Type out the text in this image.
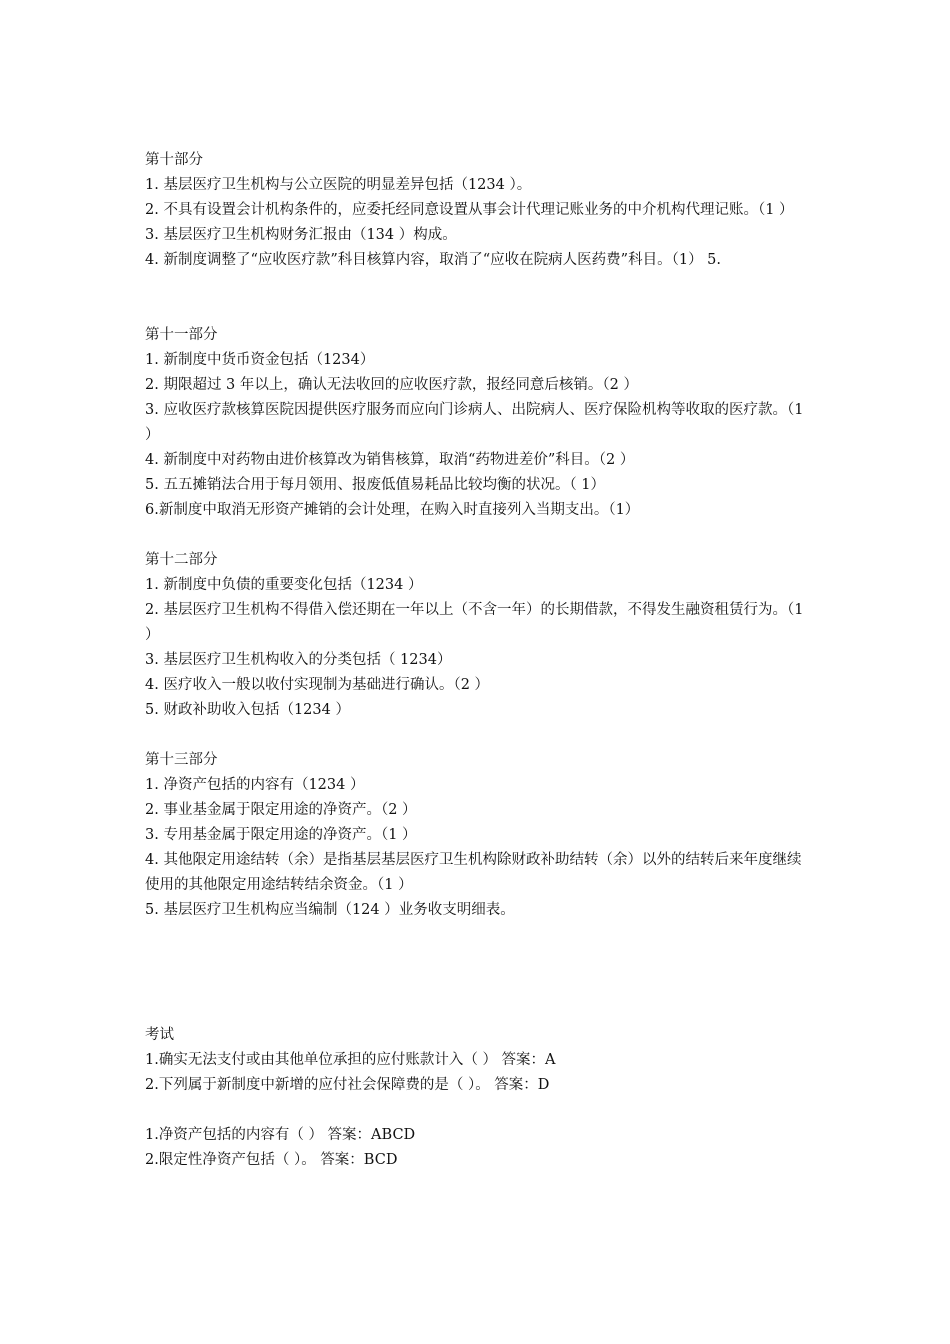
第十部分

1. 基层医疗卫生机构与公立医院的明显差异包括（1234 ）。

2. 不具有设置会计机构条件的，应委托经同意设置从事会计代理记账业务的中介机构代理记账。（1 ）

3. 基层医疗卫生机构财务汇报由（134 ）构成。

4. 新制度调整了“应收医疗款”科目核算内容，取消了“应收在院病人医药费”科目。（1） 5.

第十一部分

1. 新制度中货币资金包括（1234）

2. 期限超过 3 年以上，确认无法收回的应收医疗款，报经同意后核销。（2 ）

3. 应收医疗款核算医院因提供医疗服务而应向门诊病人、出院病人、医疗保险机构等收取的医疗款。（1 ）

4. 新制度中对药物由进价核算改为销售核算，取消“药物进差价”科目。（2 ）

5. 五五摊销法合用于每月领用、报废低值易耗品比较均衡的状况。（ 1）

6.新制度中取消无形资产摊销的会计处理，在购入时直接列入当期支出。（1）

第十二部分

1. 新制度中负债的重要变化包括（1234 ）

2. 基层医疗卫生机构不得借入偿还期在一年以上（不含一年）的长期借款，不得发生融资租赁行为。（1 ）

3. 基层医疗卫生机构收入的分类包括（ 1234）

4. 医疗收入一般以收付实现制为基础进行确认。（2 ）

5. 财政补助收入包括（1234 ）

第十三部分

1. 净资产包括的内容有（1234 ）

2. 事业基金属于限定用途的净资产。（2 ）

3. 专用基金属于限定用途的净资产。（1 ）

4. 其他限定用途结转（余）是指基层基层医疗卫生机构除财政补助结转（余）以外的结转后来年度继续使用的其他限定用途结转结余资金。（1 ）

5. 基层医疗卫生机构应当编制（124 ）业务收支明细表。

考试

1.确实无法支付或由其他单位承担的应付账款计入（ ） 答案：A

2.下列属于新制度中新增的应付社会保障费的是（ ）。 答案：D

1.净资产包括的内容有（ ） 答案：ABCD

2.限定性净资产包括（ ）。 答案：BCD
